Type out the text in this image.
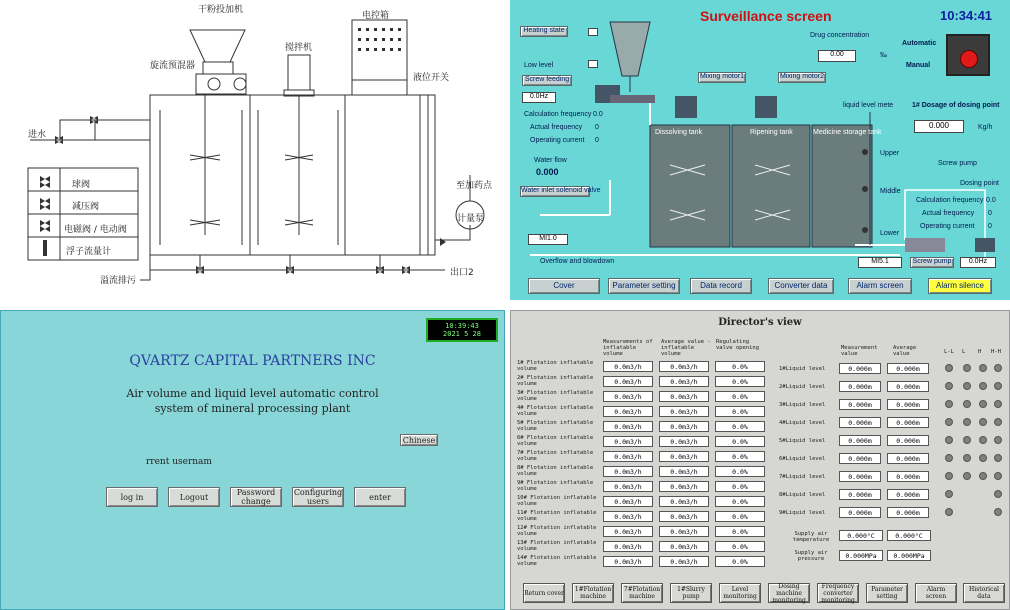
干粉投加机
搅拌机
电控箱
液位开关
旋流预混器
进水
至加药点
计量泵
溢流排污
出口2
球阀
减压阀
电磁阀 / 电动阀
浮子流量计
Surveillance screen	10:34:41
Heating state
Low level
Screw feeding
0.0Hz
Calculation frequency 0.0
Actual frequency 0
Operating current 0
Water flow
0.000
Water inlet solenoid valve
MI1.0
Overflow and blowdown
Drug concentration
0.00	‰
Automatic
Manual
Mixing motor1	Mixing motor2
liquid level mete	1# Dosage of dosing point
0.000	Kg/h
Dissolving tank	Ripening tank	Medicine storage tank
Upper
Middle
Lower
Screw pump
Dosing point
Calculation frequency 0.0
Actual frequency 0
Operating current 0
MI5.1	Screw pump	0.0Hz
Cover	Parameter setting	Data record	Converter data	Alarm screen	Alarm silence
10:39:43
2021 5 28
QVARTZ CAPITAL PARTNERS INC
Air volume and liquid level automatic control
system of mineral processing plant
Chinese
rrent usernam
log in	Logout	Password change
Configuring users	enter
Director's view
Measurements of inflatable volume
Average value - inflatable volume
Regulating valve opening	Measurement value
Average value	L-L L H H-H
1# Flotation inflatable volume	0.0m3/h	0.0m3/h	0.0%
2# Flotation inflatable volume	0.0m3/h	0.0m3/h	0.0%
3# Flotation inflatable volume	0.0m3/h	0.0m3/h	0.0%
4# Flotation inflatable volume	0.0m3/h	0.0m3/h	0.0%
5# Flotation inflatable volume	0.0m3/h	0.0m3/h	0.0%
6# Flotation inflatable volume	0.0m3/h	0.0m3/h	0.0%
7# Flotation inflatable volume	0.0m3/h	0.0m3/h	0.0%
8# Flotation inflatable volume	0.0m3/h	0.0m3/h	0.0%
9# Flotation inflatable volume	0.0m3/h	0.0m3/h	0.0%
10# Flotation inflatable volume	0.0m3/h	0.0m3/h	0.0%
11# Flotation inflatable volume	0.0m3/h	0.0m3/h	0.0%
12# Flotation inflatable volume	0.0m3/h	0.0m3/h	0.0%
13# Flotation inflatable volume	0.0m3/h	0.0m3/h	0.0%
14# Flotation inflatable volume	0.0m3/h	0.0m3/h	0.0%
1#Liquid level	0.000m	0.000m
2#Liquid level	0.000m	0.000m
3#Liquid level	0.000m	0.000m
4#Liquid level	0.000m	0.000m
5#Liquid level	0.000m	0.000m
6#Liquid level	0.000m	0.000m
7#Liquid level	0.000m	0.000m
8#Liquid level	0.000m	0.000m
9#Liquid level	0.000m	0.000m
Supply air temperature	0.000°C	0.000°C
Supply air pressure	0.000MPa	0.000MPa
Return cover	1#Flotation machine
7#Flotation machine
1#Slurry pump
Level monitoring
Dosing machine monitoring
Frequency converter monitoring
Parameter setting
Alarm screen
Historical data
